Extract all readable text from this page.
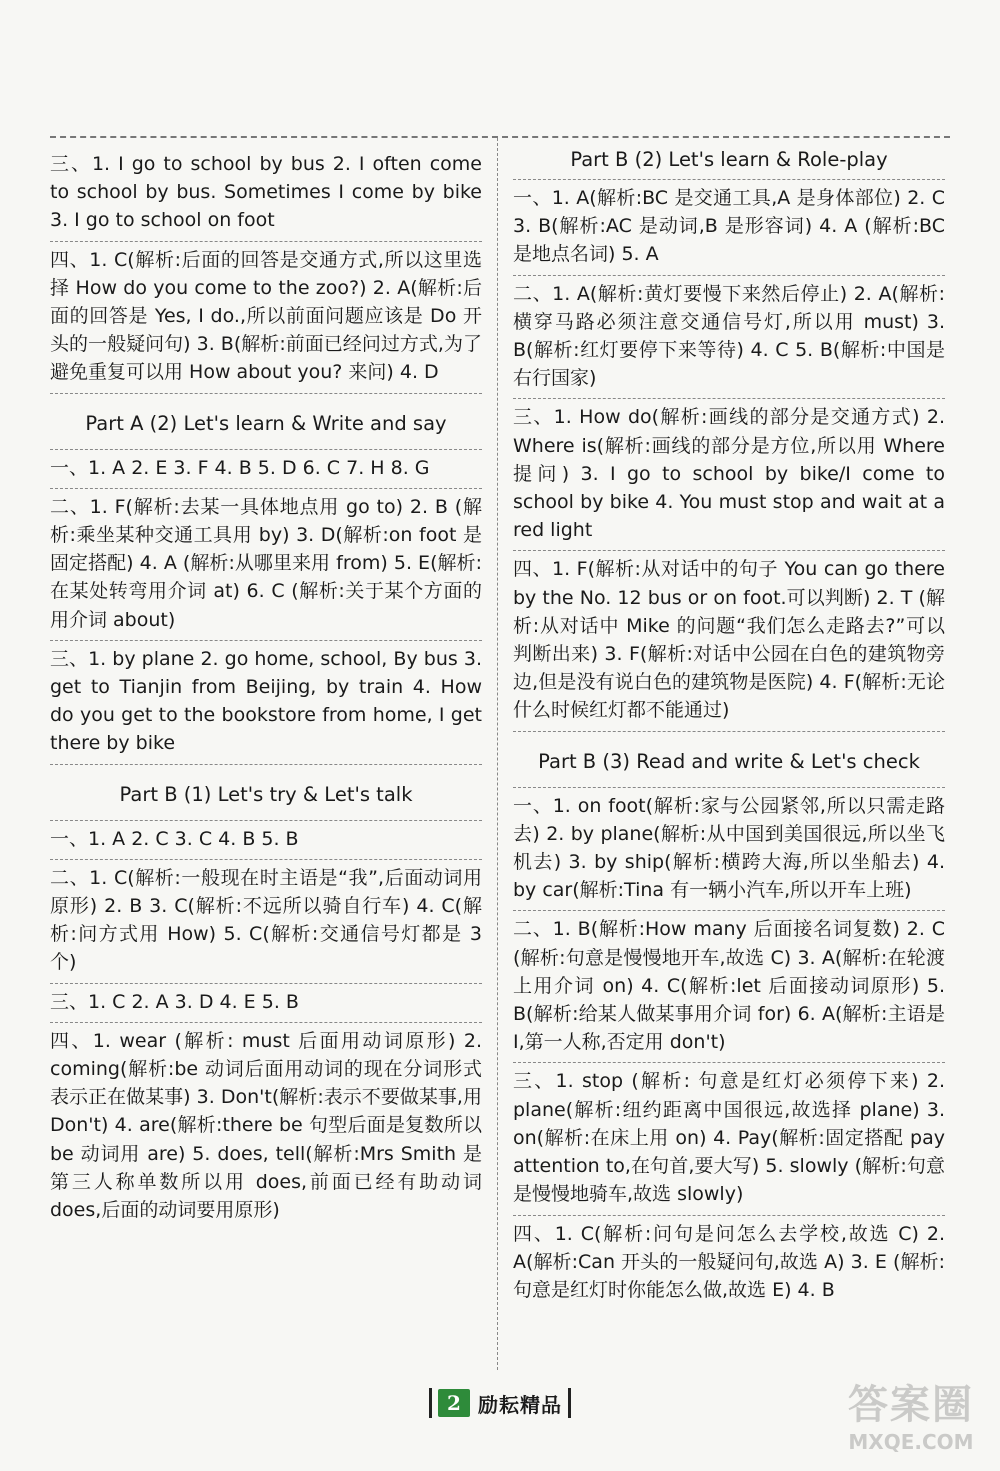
三、1. I go to school by bus 2. I often come to school by bus. Sometimes I come by bike 3. I go to school on foot
四、1. C(解析:后面的回答是交通方式,所以这里选择 How do you come to the zoo?) 2. A(解析:后面的回答是 Yes, I do.,所以前面问题应该是 Do 开头的一般疑问句) 3. B(解析:前面已经问过方式,为了避免重复可以用 How about you? 来问) 4. D
Part A (2) Let's learn & Write and say
一、1. A 2. E 3. F 4. B 5. D 6. C 7. H 8. G
二、1. F(解析:去某一具体地点用 go to) 2. B (解析:乘坐某种交通工具用 by) 3. D(解析:on foot 是固定搭配) 4. A (解析:从哪里来用 from) 5. E(解析:在某处转弯用介词 at) 6. C (解析:关于某个方面的用介词 about)
三、1. by plane 2. go home, school, By bus 3. get to Tianjin from Beijing, by train 4. How do you get to the bookstore from home, I get there by bike
Part B (1) Let's try & Let's talk
一、1. A 2. C 3. C 4. B 5. B
二、1. C(解析:一般现在时主语是“我”,后面动词用原形) 2. B 3. C(解析:不远所以骑自行车) 4. C(解析:问方式用 How) 5. C(解析:交通信号灯都是 3 个)
三、1. C 2. A 3. D 4. E 5. B
四、1. wear (解析: must 后面用动词原形) 2. coming(解析:be 动词后面用动词的现在分词形式表示正在做某事) 3. Don't(解析:表示不要做某事,用 Don't) 4. are(解析:there be 句型后面是复数所以 be 动词用 are) 5. does, tell(解析:Mrs Smith 是第三人称单数所以用 does,前面已经有助动词 does,后面的动词要用原形)
Part B (2) Let's learn & Role-play
一、1. A(解析:BC 是交通工具,A 是身体部位) 2. C 3. B(解析:AC 是动词,B 是形容词) 4. A (解析:BC 是地点名词) 5. A
二、1. A(解析:黄灯要慢下来然后停止) 2. A(解析:横穿马路必须注意交通信号灯,所以用 must) 3. B(解析:红灯要停下来等待) 4. C 5. B(解析:中国是右行国家)
三、1. How do(解析:画线的部分是交通方式) 2. Where is(解析:画线的部分是方位,所以用 Where 提问) 3. I go to school by bike/I come to school by bike 4. You must stop and wait at a red light
四、1. F(解析:从对话中的句子 You can go there by the No. 12 bus or on foot.可以判断) 2. T (解析:从对话中 Mike 的问题“我们怎么走路去?”可以判断出来) 3. F(解析:对话中公园在白色的建筑物旁边,但是没有说白色的建筑物是医院) 4. F(解析:无论什么时候红灯都不能通过)
Part B (3) Read and write & Let's check
一、1. on foot(解析:家与公园紧邻,所以只需走路去) 2. by plane(解析:从中国到美国很远,所以坐飞机去) 3. by ship(解析:横跨大海,所以坐船去) 4. by car(解析:Tina 有一辆小汽车,所以开车上班)
二、1. B(解析:How many 后面接名词复数) 2. C (解析:句意是慢慢地开车,故选 C) 3. A(解析:在轮渡上用介词 on) 4. C(解析:let 后面接动词原形) 5. B(解析:给某人做某事用介词 for) 6. A(解析:主语是 I,第一人称,否定用 don't)
三、1. stop (解析: 句意是红灯必须停下来) 2. plane(解析:纽约距离中国很远,故选择 plane) 3. on(解析:在床上用 on) 4. Pay(解析:固定搭配 pay attention to,在句首,要大写) 5. slowly (解析:句意是慢慢地骑车,故选 slowly)
四、1. C(解析:问句是问怎么去学校,故选 C) 2. A(解析:Can 开头的一般疑问句,故选 A) 3. E (解析:句意是红灯时你能怎么做,故选 E) 4. B
2 励耘精品	答案圈
MXQE.COM
